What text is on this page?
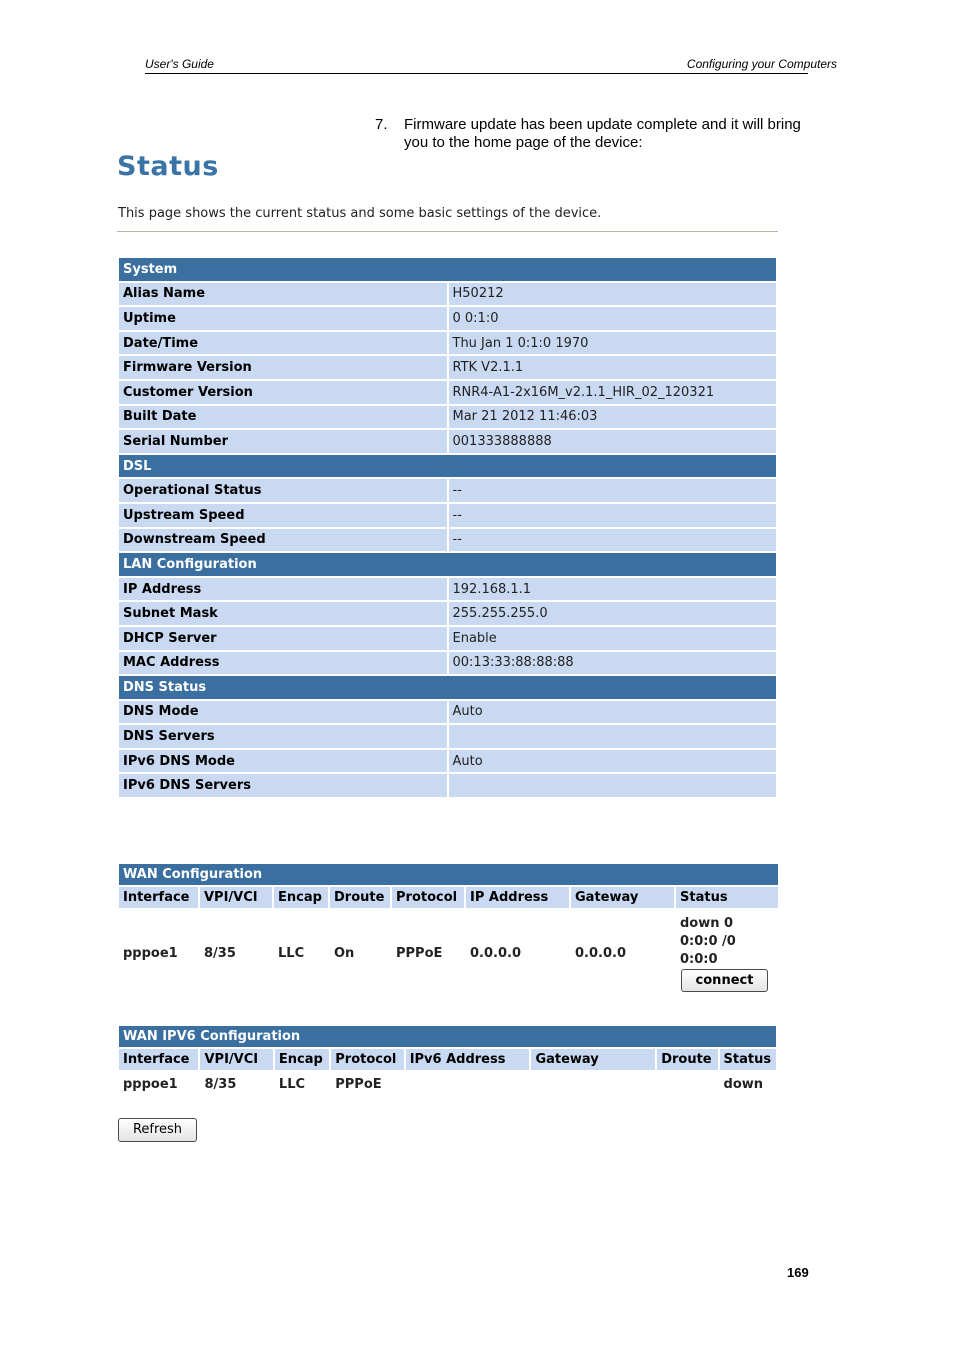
User's Guide	Configuring your Computers
7. Firmware update has been update complete and it will bring you to the home page of the device:
Status
This page shows the current status and some basic settings of the device.
System	
Alias Name	H50212
Uptime	0 0:1:0
Date/Time	Thu Jan 1 0:1:0 1970
Firmware Version	RTK V2.1.1
Customer Version	RNR4-A1-2x16M_v2.1.1_HIR_02_120321
Built Date	Mar 21 2012 11:46:03
Serial Number	001333888888
DSL	
Operational Status	--
Upstream Speed	--
Downstream Speed	--
LAN Configuration	
IP Address	192.168.1.1
Subnet Mask	255.255.255.0
DHCP Server	Enable
MAC Address	00:13:33:88:88:88
DNS Status	
DNS Mode	Auto
DNS Servers	
IPv6 DNS Mode	Auto
IPv6 DNS Servers	
WAN Configuration							
Interface	VPI/VCI	Encap	Droute	Protocol	IP Address	Gateway	Status
pppoe1	8/35	LLC	On	PPPoE	0.0.0.0	0.0.0.0	down 0
0:0:0 /0
0:0:0
connect
WAN IPV6 Configuration							
Interface	VPI/VCI	Encap	Protocol	IPv6 Address	Gateway	Droute	Status
pppoe1	8/35	LLC	PPPoE				down
Refresh
169
